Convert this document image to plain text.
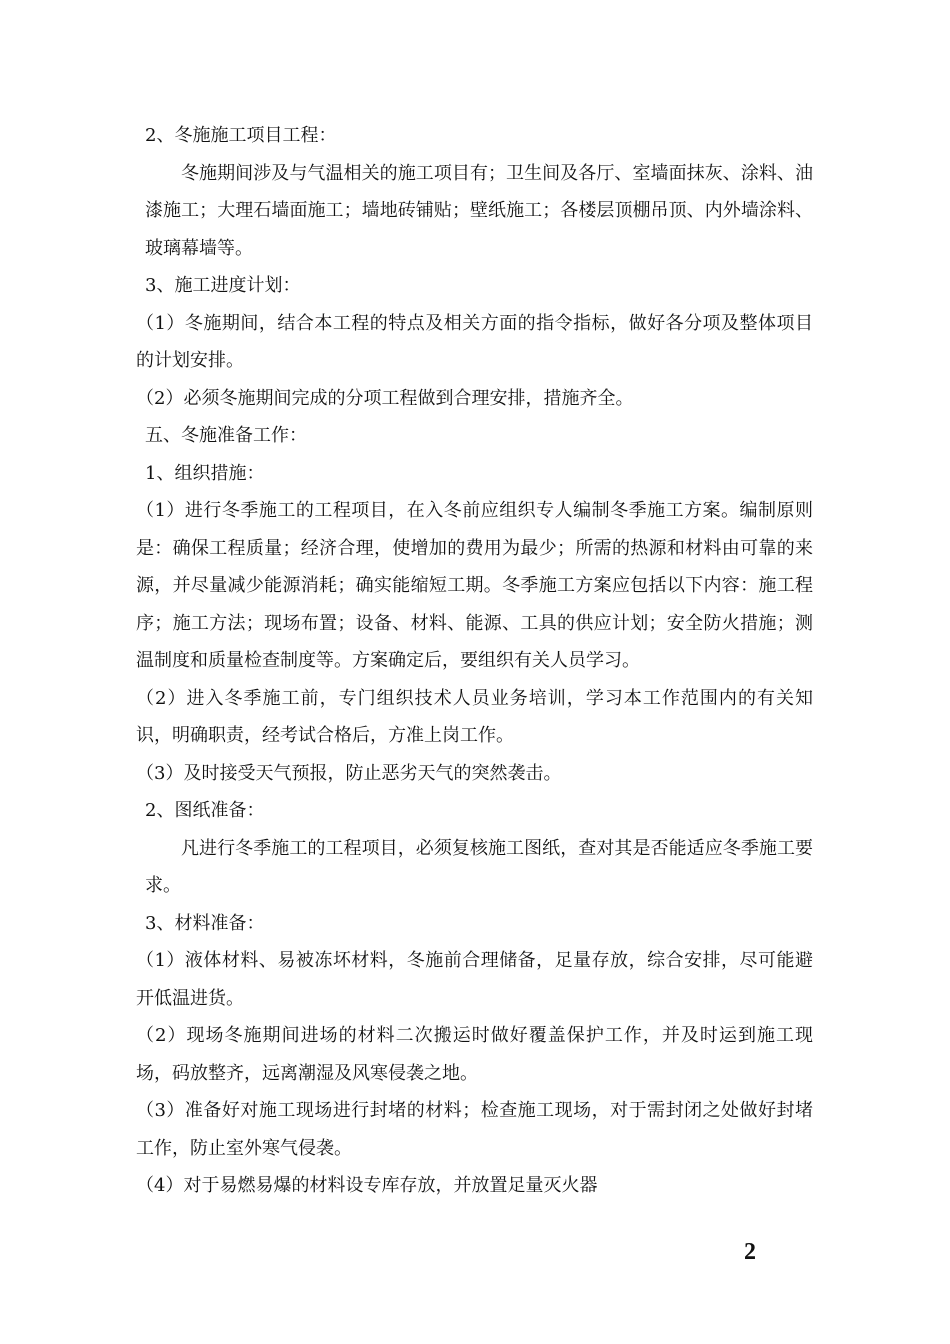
2、冬施施工项目工程：

冬施期间涉及与气温相关的施工项目有；卫生间及各厅、室墙面抹灰、涂料、油漆施工；大理石墙面施工；墙地砖铺贴；壁纸施工；各楼层顶棚吊顶、内外墙涂料、玻璃幕墙等。

3、施工进度计划：

（1）冬施期间，结合本工程的特点及相关方面的指令指标，做好各分项及整体项目的计划安排。

（2）必须冬施期间完成的分项工程做到合理安排，措施齐全。

五、冬施准备工作：

1、组织措施：

（1）进行冬季施工的工程项目，在入冬前应组织专人编制冬季施工方案。编制原则是：确保工程质量；经济合理，使增加的费用为最少；所需的热源和材料由可靠的来源，并尽量减少能源消耗；确实能缩短工期。冬季施工方案应包括以下内容：施工程序；施工方法；现场布置；设备、材料、能源、工具的供应计划；安全防火措施；测温制度和质量检查制度等。方案确定后，要组织有关人员学习。

（2）进入冬季施工前，专门组织技术人员业务培训，学习本工作范围内的有关知识，明确职责，经考试合格后，方准上岗工作。

（3）及时接受天气预报，防止恶劣天气的突然袭击。

2、图纸准备：

凡进行冬季施工的工程项目，必须复核施工图纸，查对其是否能适应冬季施工要求。

3、材料准备：

（1）液体材料、易被冻坏材料，冬施前合理储备，足量存放，综合安排，尽可能避开低温进货。

（2）现场冬施期间进场的材料二次搬运时做好覆盖保护工作，并及时运到施工现场，码放整齐，远离潮湿及风寒侵袭之地。

（3）准备好对施工现场进行封堵的材料；检查施工现场，对于需封闭之处做好封堵工作，防止室外寒气侵袭。

（4）对于易燃易爆的材料设专库存放，并放置足量灭火器

2
